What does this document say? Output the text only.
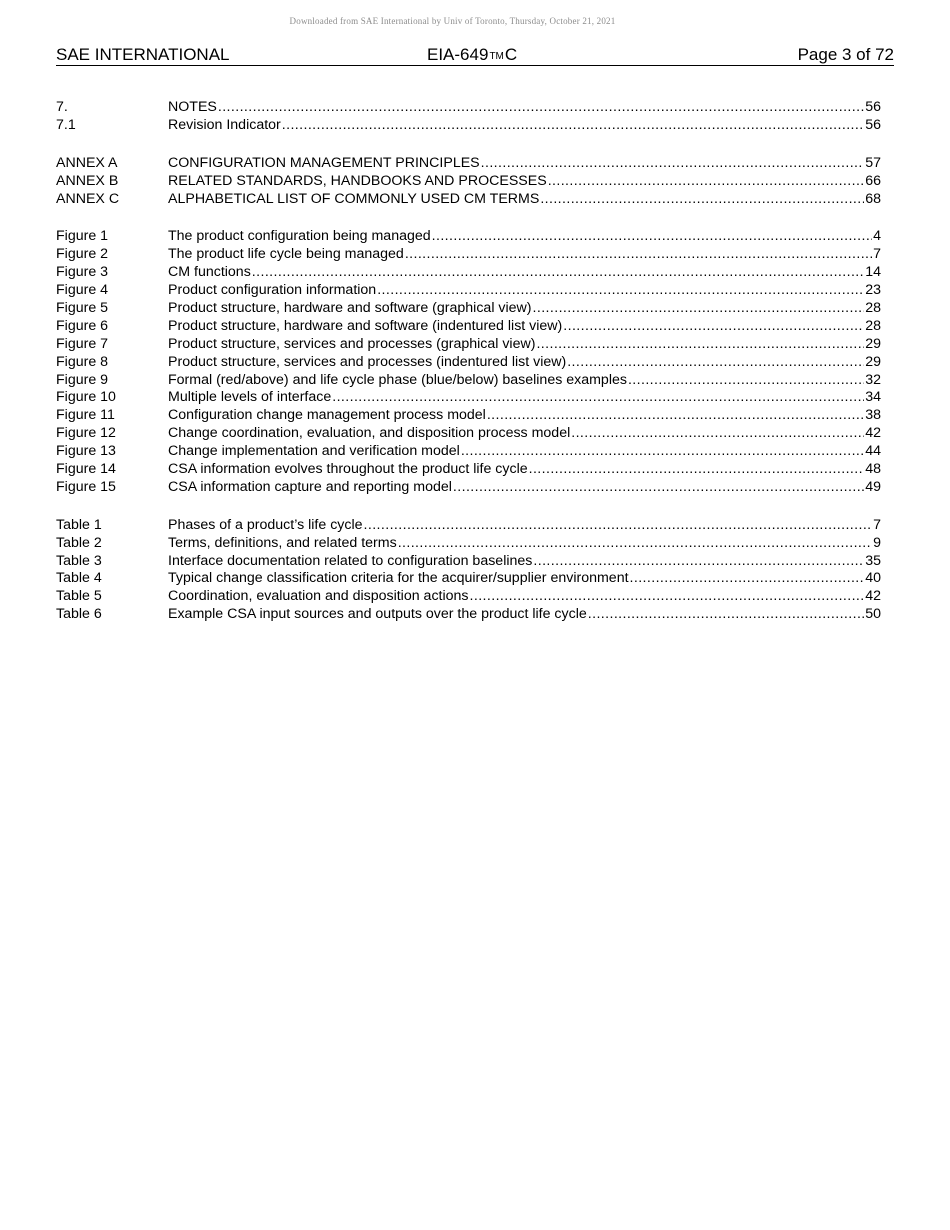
Downloaded from SAE International by Univ of Toronto, Thursday, October 21, 2021
SAE INTERNATIONAL	EIA-649™C	Page 3 of 72
7.	NOTES .....	56
7.1	Revision Indicator .....	56
ANNEX A	CONFIGURATION MANAGEMENT PRINCIPLES .....	57
ANNEX B	RELATED STANDARDS, HANDBOOKS AND PROCESSES .....	66
ANNEX C	ALPHABETICAL LIST OF COMMONLY USED CM TERMS .....	68
Figure 1	The product configuration being managed .....	4
Figure 2	The product life cycle being managed .....	7
Figure 3	CM functions .....	14
Figure 4	Product configuration information .....	23
Figure 5	Product structure, hardware and software (graphical view) .....	28
Figure 6	Product structure, hardware and software (indentured list view) .....	28
Figure 7	Product structure, services and processes (graphical view) .....	29
Figure 8	Product structure, services and processes (indentured list view) .....	29
Figure 9	Formal (red/above) and life cycle phase (blue/below) baselines examples .....	32
Figure 10	Multiple levels of interface .....	34
Figure 11	Configuration change management process model .....	38
Figure 12	Change coordination, evaluation, and disposition process model .....	42
Figure 13	Change implementation and verification model .....	44
Figure 14	CSA information evolves throughout the product life cycle .....	48
Figure 15	CSA information capture and reporting model .....	49
Table 1	Phases of a product’s life cycle .....	7
Table 2	Terms, definitions, and related terms .....	9
Table 3	Interface documentation related to configuration baselines .....	35
Table 4	Typical change classification criteria for the acquirer/supplier environment .....	40
Table 5	Coordination, evaluation and disposition actions .....	42
Table 6	Example CSA input sources and outputs over the product life cycle .....	50
